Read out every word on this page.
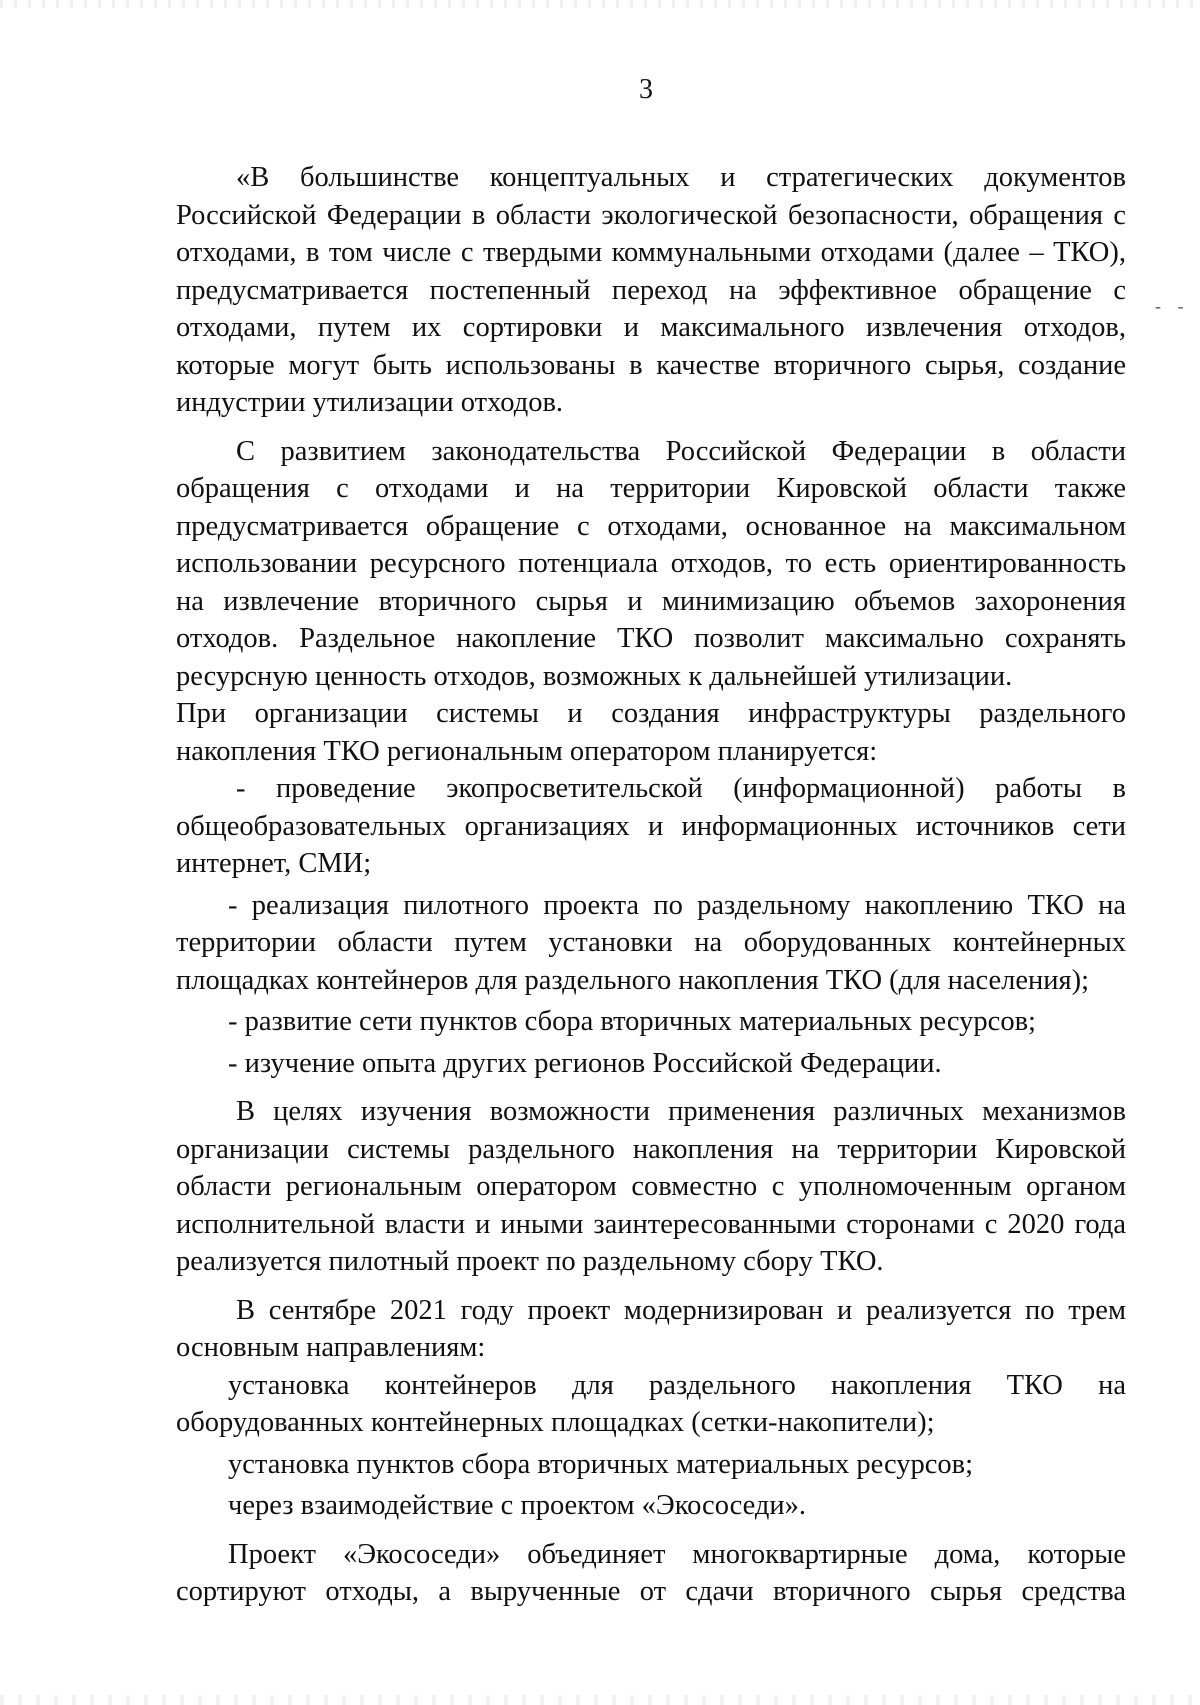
3
- -

«В большинстве концептуальных и стратегических документов Российской Федерации в области экологической безопасности, обращения с отходами, в том числе с твердыми коммунальными отходами (далее – ТКО), предусматривается постепенный переход на эффективное обращение с отходами, путем их сортировки и максимального извлечения отходов, которые могут быть использованы в качестве вторичного сырья, создание индустрии утилизации отходов.

С развитием законодательства Российской Федерации в области обращения с отходами и на территории Кировской области также предусматривается обращение с отходами, основанное на максимальном использовании ресурсного потенциала отходов, то есть ориентированность на извлечение вторичного сырья и минимизацию объемов захоронения отходов. Раздельное накопление ТКО позволит максимально сохранять ресурсную ценность отходов, возможных к дальнейшей утилизации.

При организации системы и создания инфраструктуры раздельного накопления ТКО региональным оператором планируется:

- проведение экопросветительской (информационной) работы в общеобразовательных организациях и информационных источников сети интернет, СМИ;

- реализация пилотного проекта по раздельному накоплению ТКО на территории области путем установки на оборудованных контейнерных площадках контейнеров для раздельного накопления ТКО (для населения);

- развитие сети пунктов сбора вторичных материальных ресурсов;

- изучение опыта других регионов Российской Федерации.

В целях изучения возможности применения различных механизмов организации системы раздельного накопления на территории Кировской области региональным оператором совместно с уполномоченным органом исполнительной власти и иными заинтересованными сторонами с 2020 года реализуется пилотный проект по раздельному сбору ТКО.

В сентябре 2021 году проект модернизирован и реализуется по трем основным направлениям:

установка контейнеров для раздельного накопления ТКО на оборудованных контейнерных площадках (сетки-накопители);

установка пунктов сбора вторичных материальных ресурсов;

через взаимодействие с проектом «Экососеди».

Проект «Экососеди» объединяет многоквартирные дома, которые сортируют отходы, а вырученные от сдачи вторичного сырья средства
